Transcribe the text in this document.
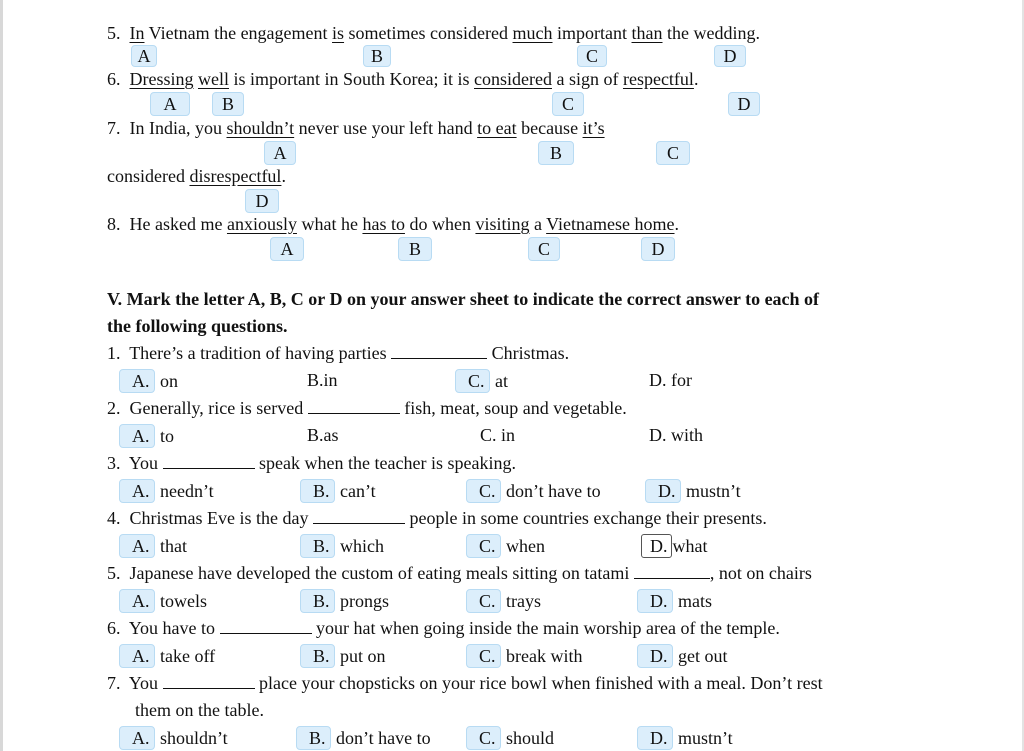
5. In Vietnam the engagement is sometimes considered much important than the wedding.
A	B	C	D
6. Dressing well is important in South Korea; it is considered a sign of respectful.
A	B	C	D
7. In India, you shouldn’t never use your left hand to eat because it’s
A	B	C
considered disrespectful.
D
8. He asked me anxiously what he has to do when visiting a Vietnamese home.
A	B	C	D
V. Mark the letter A, B, C or D on your answer sheet to indicate the correct answer to each of
the following questions.
1. There’s a tradition of having parties	Christmas.
A. on	B.in	C. at	D. for
2. Generally, rice is served	fish, meat, soup and vegetable.
A. to	B.as	C. in	D. with
3. You	speak when the teacher is speaking.
A. needn’t	B. can’t	C. don’t have to	D. mustn’t
4. Christmas Eve is the day	people in some countries exchange their presents.
A. that	B. which	C. when	D. what
5. Japanese have developed the custom of eating meals sitting on tatami	, not on chairs
A. towels	B. prongs	C. trays	D. mats
6. You have to	your hat when going inside the main worship area of the temple.
A. take off	B. put on	C. break with	D. get out
7. You	place your chopsticks on your rice bowl when finished with a meal. Don’t rest
them on the table.
A. shouldn’t	B. don’t have to	C. should	D. mustn’t
